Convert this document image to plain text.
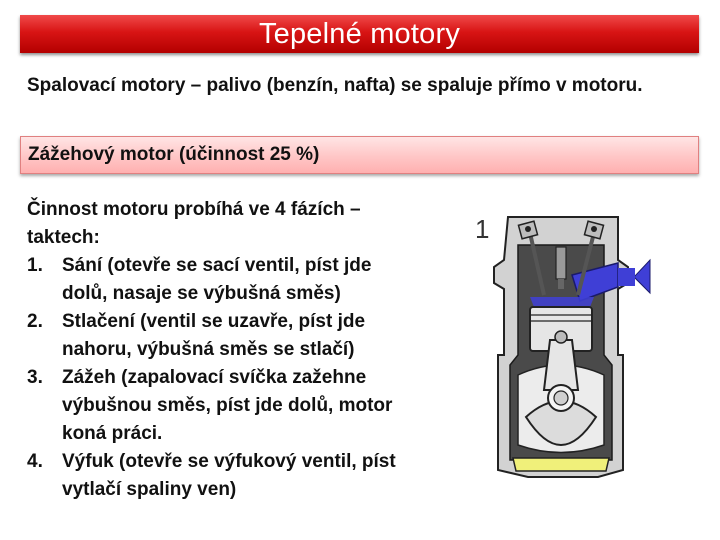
Tepelné motory
Spalovací motory – palivo (benzín, nafta) se spaluje přímo v motoru.
Zážehový motor (účinnost 25 %)

Činnost motoru probíhá ve 4 fázích – taktech:

1. Sání (otevře se sací ventil, píst jde dolů, nasaje se výbušná směs)
2. Stlačení (ventil se uzavře, píst jde nahoru, výbušná směs se stlačí)
3. Zážeh (zapalovací svíčka zažehne výbušnou směs, píst jde dolů, motor koná práci.
4. Výfuk (otevře se výfukový ventil, píst vytlačí spaliny ven)
1
